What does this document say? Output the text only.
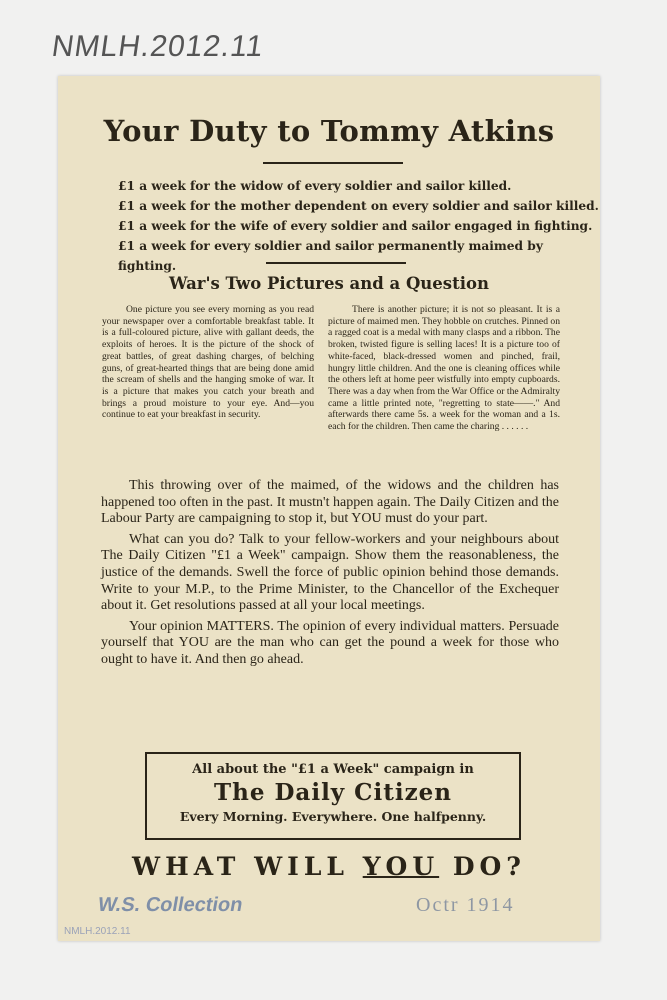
NMLH.2012.11
Your Duty to Tommy Atkins
£1 a week for the widow of every soldier and sailor killed.
£1 a week for the mother dependent on every soldier and sailor killed.
£1 a week for the wife of every soldier and sailor engaged in fighting.
£1 a week for every soldier and sailor permanently maimed by fighting.
War's Two Pictures and a Question

One picture you see every morning as you read your newspaper over a comfortable breakfast table. It is a full-coloured picture, alive with gallant deeds, the exploits of heroes. It is the picture of the shock of great battles, of great dashing charges, of belching guns, of great-hearted things that are being done amid the scream of shells and the hanging smoke of war. It is a picture that makes you catch your breath and brings a proud moisture to your eye. And—you continue to eat your breakfast in security.

There is another picture; it is not so pleasant. It is a picture of maimed men. They hobble on crutches. Pinned on a ragged coat is a medal with many clasps and a ribbon. The broken, twisted figure is selling laces! It is a picture too of white-faced, black-dressed women and pinched, frail, hungry little children. And the one is cleaning offices while the others left at home peer wistfully into empty cupboards. There was a day when from the War Office or the Admiralty came a little printed note, "regretting to state——." And afterwards there came 5s. a week for the woman and a 1s. each for the children. Then came the charing . . . . . .

This throwing over of the maimed, of the widows and the children has happened too often in the past. It mustn't happen again. The Daily Citizen and the Labour Party are campaigning to stop it, but YOU must do your part.

What can you do? Talk to your fellow-workers and your neighbours about The Daily Citizen "£1 a Week" campaign. Show them the reasonableness, the justice of the demands. Swell the force of public opinion behind those demands. Write to your M.P., to the Prime Minister, to the Chancellor of the Exchequer about it. Get resolutions passed at all your local meetings.

Your opinion MATTERS. The opinion of every individual matters. Persuade yourself that YOU are the man who can get the pound a week for those who ought to have it. And then go ahead.

All about the "£1 a Week" campaign in
The Daily Citizen
Every Morning. Everywhere. One halfpenny.
WHAT WILL YOU DO?
W.S. Collection	Octr 1914
NMLH.2012.11
